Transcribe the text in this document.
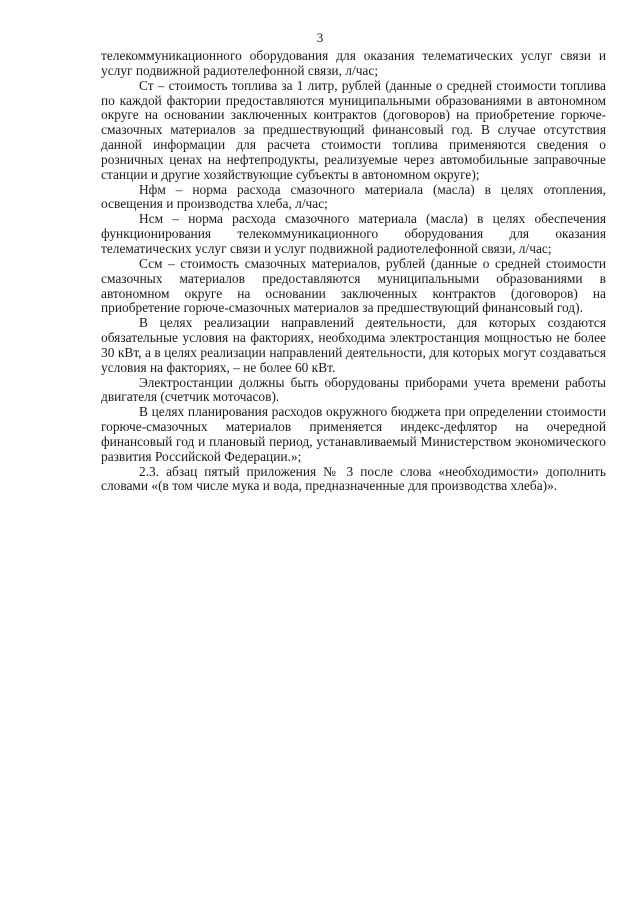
3

телекоммуникационного оборудования для оказания телематических услуг связи и услуг подвижной радиотелефонной связи, л/час;

Ст – стоимость топлива за 1 литр, рублей (данные о средней стоимости топлива по каждой фактории предоставляются муниципальными образованиями в автономном округе на основании заключенных контрактов (договоров) на приобретение горюче-смазочных материалов за предшествующий финансовый год. В случае отсутствия данной информации для расчета стоимости топлива применяются сведения о розничных ценах на нефтепродукты, реализуемые через автомобильные заправочные станции и другие хозяйствующие субъекты в автономном округе);

Нфм – норма расхода смазочного материала (масла) в целях отопления, освещения и производства хлеба, л/час;

Нсм – норма расхода смазочного материала (масла) в целях обеспечения функционирования телекоммуникационного оборудования для оказания телематических услуг связи и услуг подвижной радиотелефонной связи, л/час;

Ссм – стоимость смазочных материалов, рублей (данные о средней стоимости смазочных материалов предоставляются муниципальными образованиями в автономном округе на основании заключенных контрактов (договоров) на приобретение горюче-смазочных материалов за предшествующий финансовый год).

В целях реализации направлений деятельности, для которых создаются обязательные условия на факториях, необходима электростанция мощностью не более 30 кВт, а в целях реализации направлений деятельности, для которых могут создаваться условия на факториях, – не более 60 кВт.

Электростанции должны быть оборудованы приборами учета времени работы двигателя (счетчик моточасов).

В целях планирования расходов окружного бюджета при определении стоимости горюче-смазочных материалов применяется индекс-дефлятор на очередной финансовый год и плановый период, устанавливаемый Министерством экономического развития Российской Федерации.»;

2.3. абзац пятый приложения № 3 после слова «необходимости» дополнить словами «(в том числе мука и вода, предназначенные для производства хлеба)».
